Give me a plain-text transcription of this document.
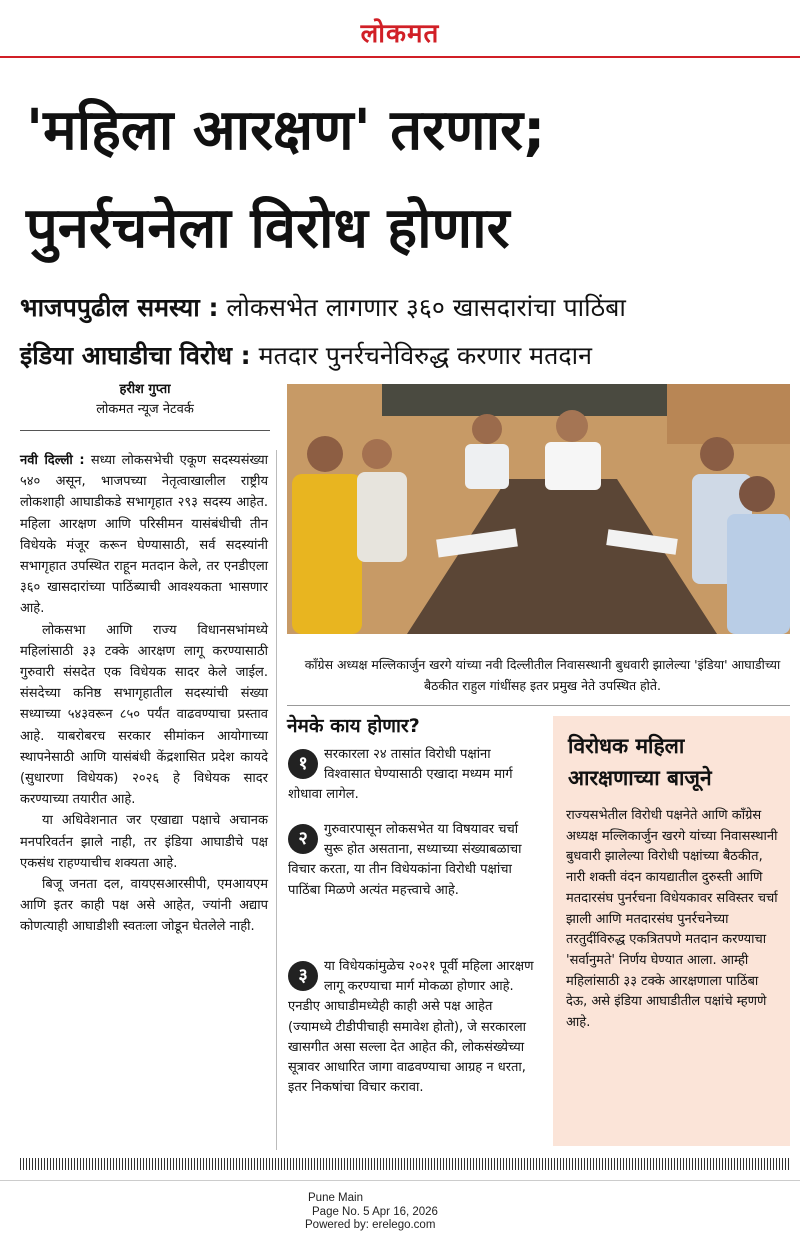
लोकमत
'महिला आरक्षण' तरणार;
पुनर्रचनेला विरोध होणार
भाजपपुढील समस्या : लोकसभेत लागणार ३६० खासदारांचा पाठिंबा
इंडिया आघाडीचा विरोध : मतदार पुनर्रचनेविरुद्ध करणार मतदान
हरीश गुप्ता
लोकमत न्यूज नेटवर्क

नवी दिल्ली : सध्या लोकसभेची एकूण सदस्यसंख्या ५४० असून, भाजपच्या नेतृत्वाखालील राष्ट्रीय लोकशाही आघाडीकडे सभागृहात २९३ सदस्य आहेत. महिला आरक्षण आणि परिसीमन यासंबंधीची तीन विधेयके मंजूर करून घेण्यासाठी, सर्व सदस्यांनी सभागृहात उपस्थित राहून मतदान केले, तर एनडीएला ३६० खासदारांच्या पाठिंब्याची आवश्यकता भासणार आहे.

लोकसभा आणि राज्य विधानसभांमध्ये महिलांसाठी ३३ टक्के आरक्षण लागू करण्यासाठी गुरुवारी संसदेत एक विधेयक सादर केले जाईल. संसदेच्या कनिष्ठ सभागृहातील सदस्यांची संख्या सध्याच्या ५४३वरून ८५० पर्यंत वाढवण्याचा प्रस्ताव आहे. याबरोबरच सरकार सीमांकन आयोगाच्या स्थापनेसाठी आणि यासंबंधी केंद्रशासित प्रदेश कायदे (सुधारणा विधेयक) २०२६ हे विधेयक सादर करण्याच्या तयारीत आहे.

या अधिवेशनात जर एखाद्या पक्षाचे अचानक मनपरिवर्तन झाले नाही, तर इंडिया आघाडीचे पक्ष एकसंध राहण्याचीच शक्यता आहे.

बिजू जनता दल, वायएसआरसीपी, एमआयएम आणि इतर काही पक्ष असे आहेत, ज्यांनी अद्याप कोणत्याही आघाडीशी स्वतःला जोडून घेतलेले नाही.

काँग्रेस अध्यक्ष मल्लिकार्जुन खरगे यांच्या नवी दिल्लीतील निवासस्थानी बुधवारी झालेल्या 'इंडिया' आघाडीच्या बैठकीत राहुल गांधींसह इतर प्रमुख नेते उपस्थित होते.
नेमके काय होणार?
१	सरकारला २४ तासांत विरोधी पक्षांना विश्वासात घेण्यासाठी एखादा मध्यम मार्ग शोधावा लागेल.
२	गुरुवारपासून लोकसभेत या विषयावर चर्चा सुरू होत असताना, सध्याच्या संख्याबळाचा विचार करता, या तीन विधेयकांना विरोधी पक्षांचा पाठिंबा मिळणे अत्यंत महत्त्वाचे आहे.
३	या विधेयकांमुळेच २०२१ पूर्वी महिला आरक्षण लागू करण्याचा मार्ग मोकळा होणार आहे. एनडीए आघाडीमध्येही काही असे पक्ष आहेत (ज्यामध्ये टीडीपीचाही समावेश होतो), जे सरकारला खासगीत असा सल्ला देत आहेत की, लोकसंख्येच्या सूत्रावर आधारित जागा वाढवण्याचा आग्रह न धरता, इतर निकषांचा विचार करावा.
विरोधक महिला आरक्षणाच्या बाजूने
राज्यसभेतील विरोधी पक्षनेते आणि काँग्रेस अध्यक्ष मल्लिकार्जुन खरगे यांच्या निवासस्थानी बुधवारी झालेल्या विरोधी पक्षांच्या बैठकीत, नारी शक्ती वंदन कायद्यातील दुरुस्ती आणि मतदारसंघ पुनर्रचना विधेयकावर सविस्तर चर्चा झाली आणि मतदारसंघ पुनर्रचनेच्या तरतुदींविरुद्ध एकत्रितपणे मतदान करण्याचा 'सर्वानुमते' निर्णय घेण्यात आला. आम्ही महिलांसाठी ३३ टक्के आरक्षणाला पाठिंबा देऊ, असे इंडिया आघाडीतील पक्षांचे म्हणणे आहे.
Pune Main
Page No. 5 Apr 16, 2026
Powered by: erelego.com
